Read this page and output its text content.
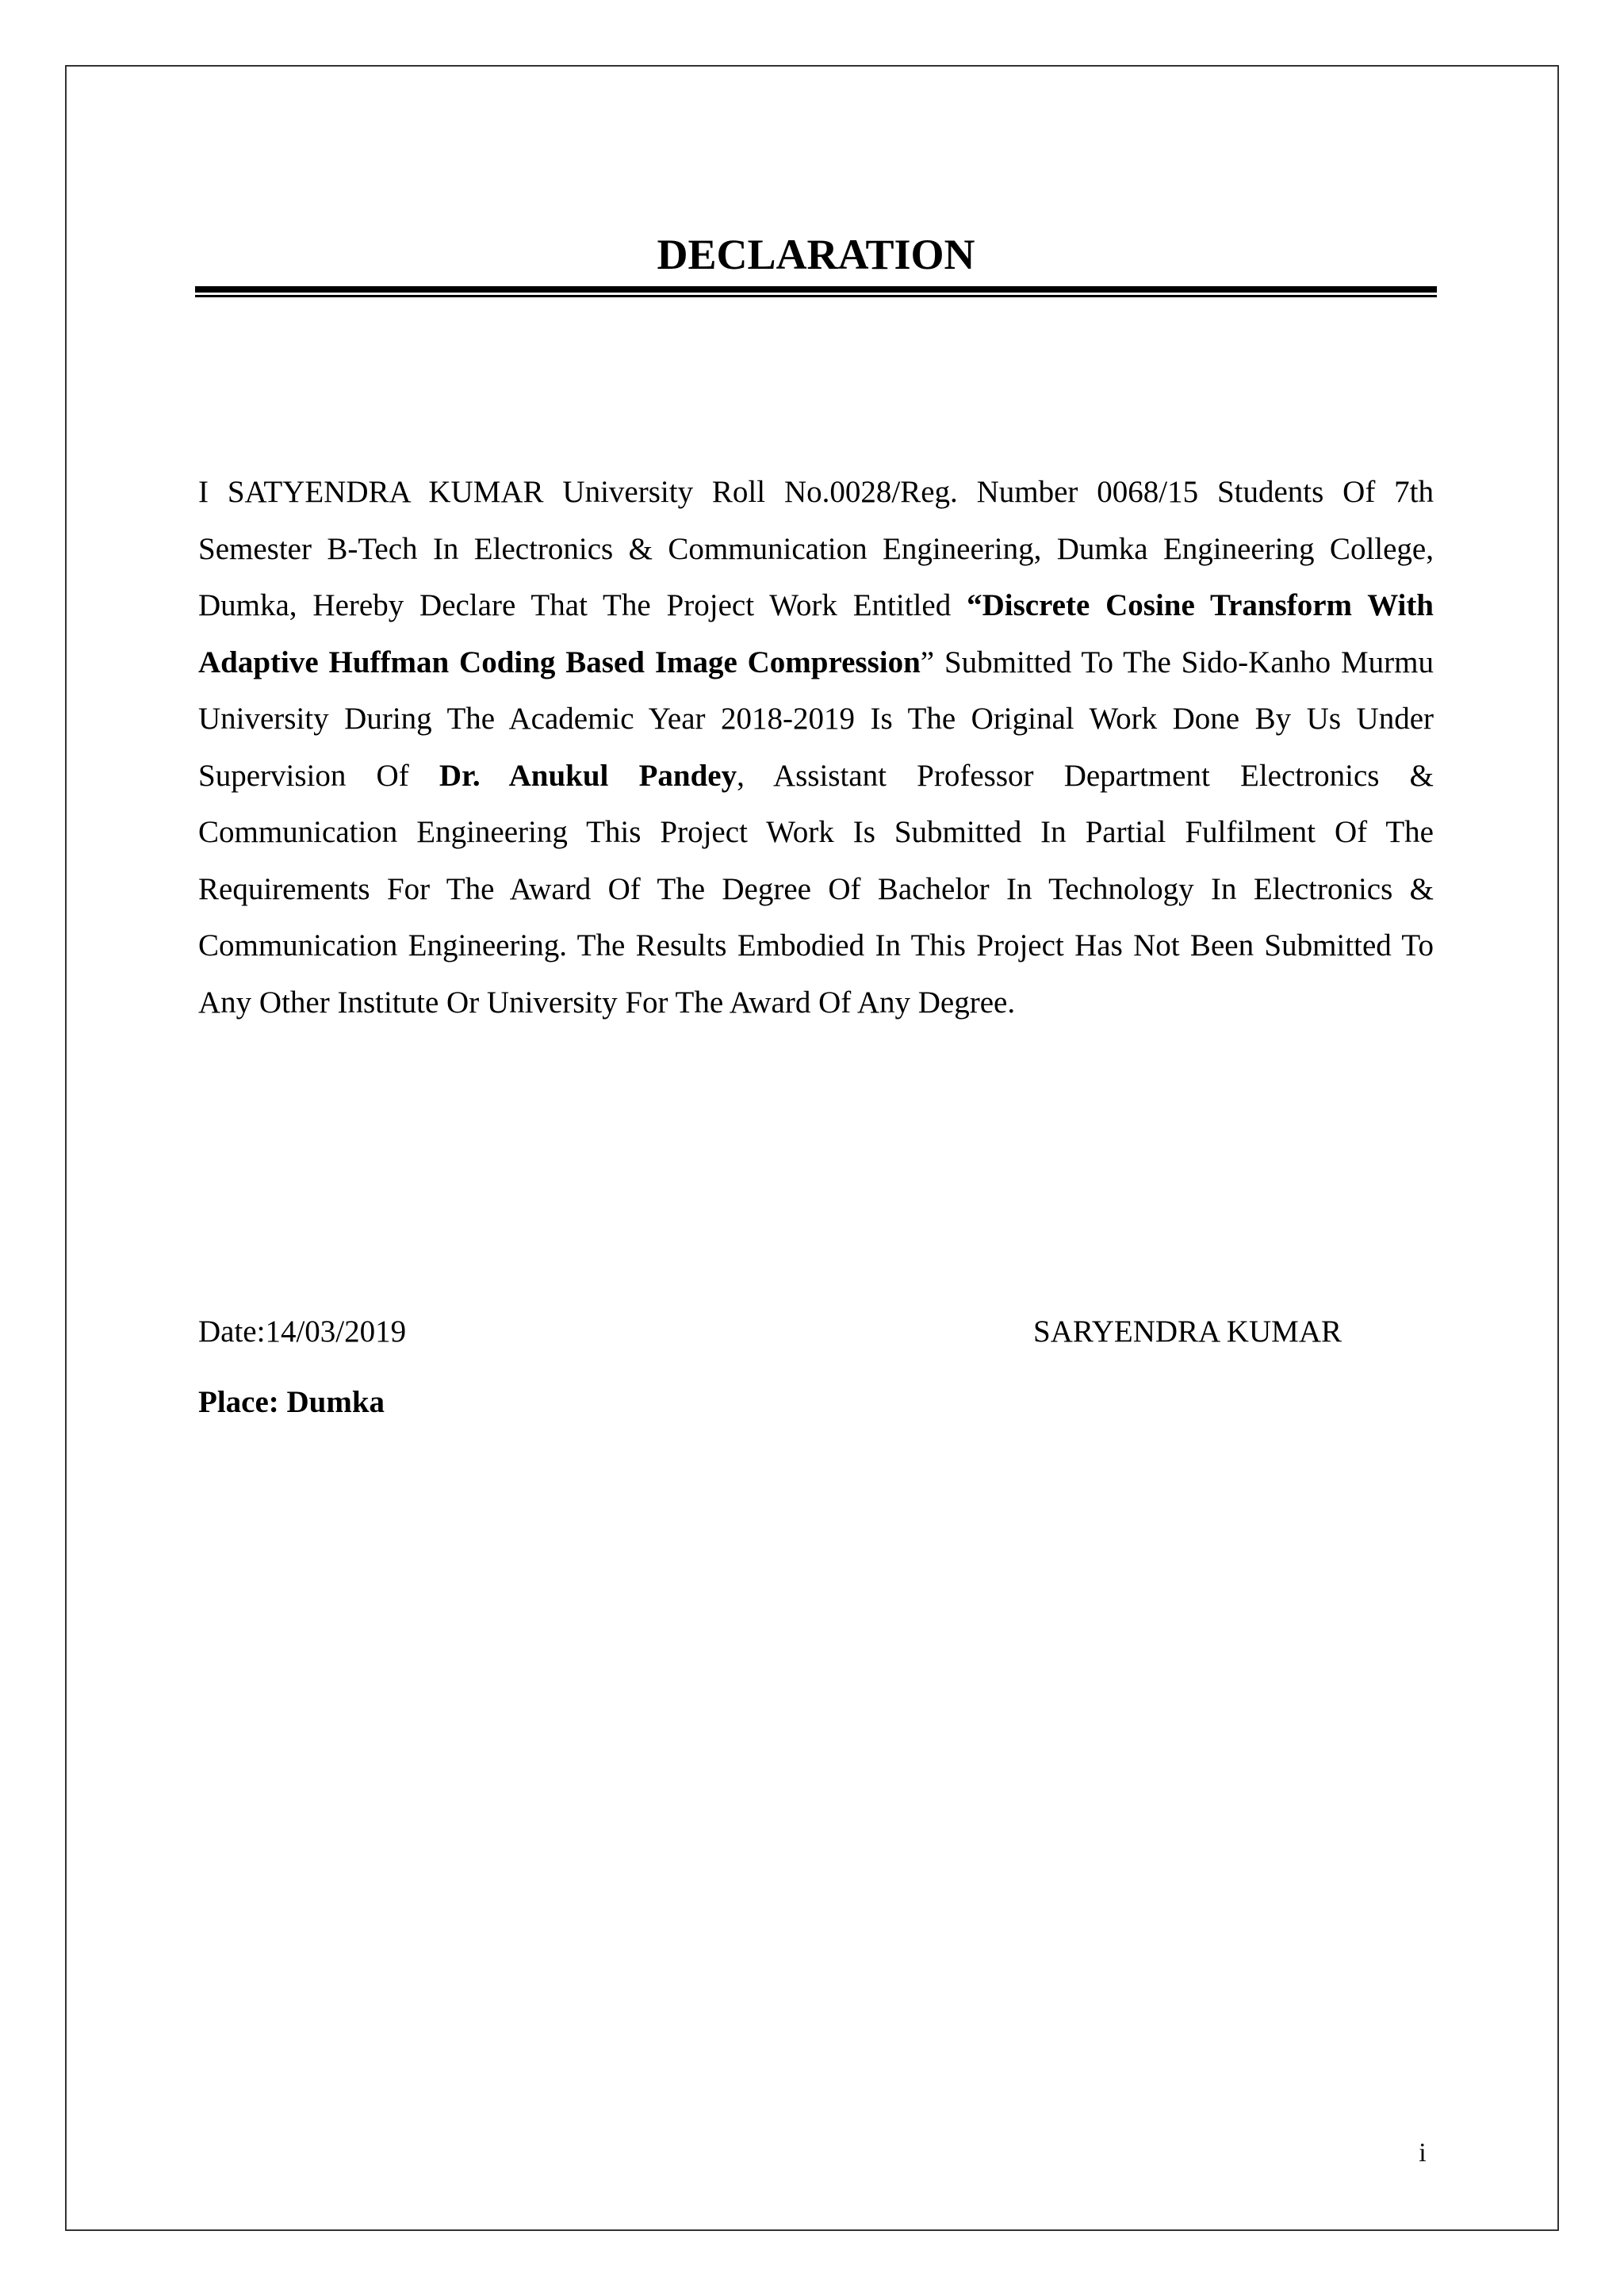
DECLARATION

I SATYENDRA KUMAR University Roll No.0028/Reg. Number 0068/15 Students Of 7th Semester B-Tech In Electronics & Communication Engineering, Dumka Engineering College, Dumka, Hereby Declare That The Project Work Entitled “Discrete Cosine Transform With Adaptive Huffman Coding Based Image Compression” Submitted To The Sido-Kanho Murmu University During The Academic Year 2018-2019 Is The Original Work Done By Us Under Supervision Of Dr. Anukul Pandey, Assistant Professor Department Electronics & Communication Engineering This Project Work Is Submitted In Partial Fulfilment Of The Requirements For The Award Of The Degree Of Bachelor In Technology In Electronics & Communication Engineering. The Results Embodied In This Project Has Not Been Submitted To Any Other Institute Or University For The Award Of Any Degree.

Date:14/03/2019	SARYENDRA KUMAR
Place: Dumka
i
